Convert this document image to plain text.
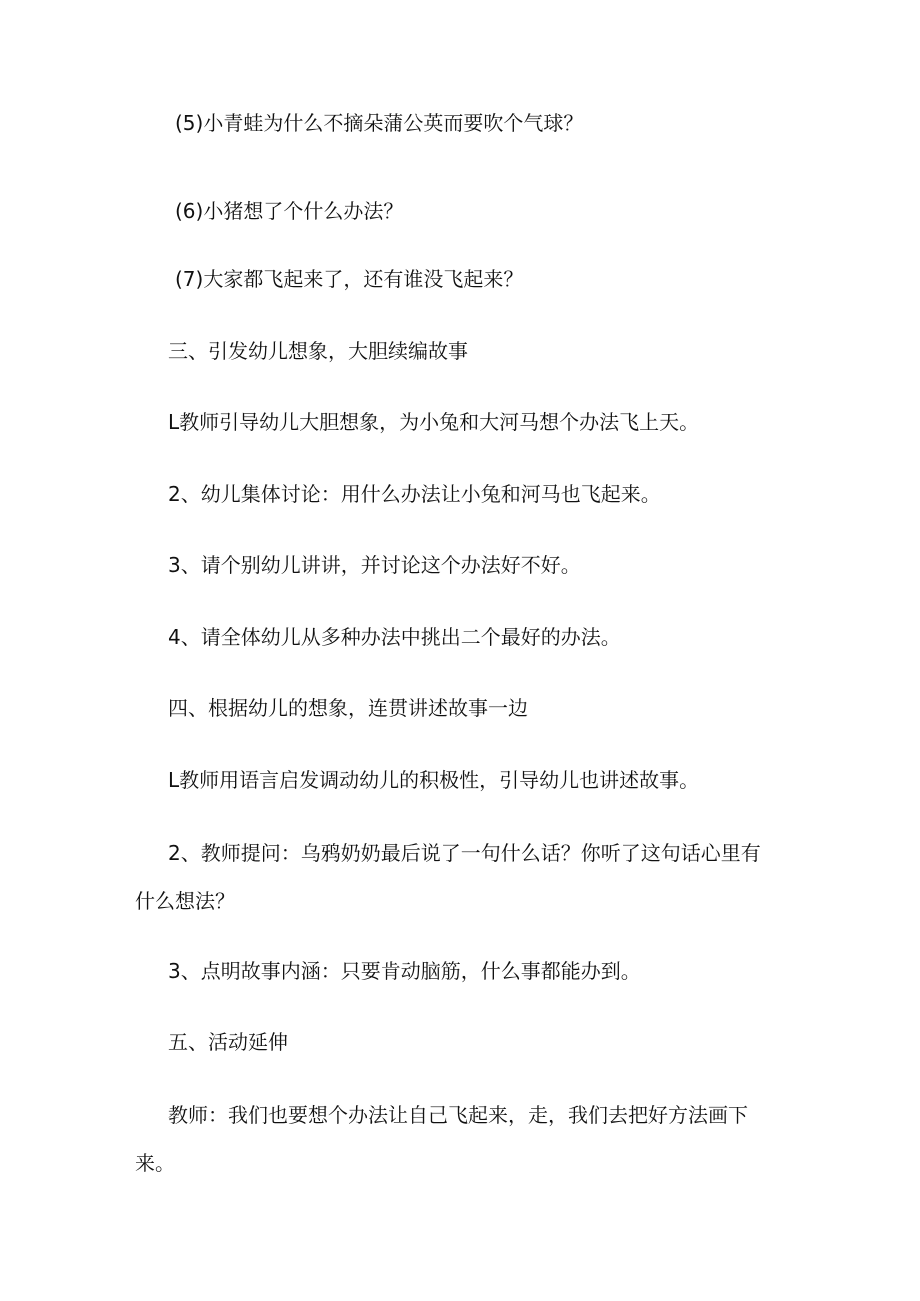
(5)小青蛙为什么不摘朵蒲公英而要吹个气球？
(6)小猪想了个什么办法？
(7)大家都飞起来了，还有谁没飞起来？
三、引发幼儿想象，大胆续编故事
L教师引导幼儿大胆想象，为小兔和大河马想个办法飞上天。
2、幼儿集体讨论：用什么办法让小兔和河马也飞起来。
3、请个别幼儿讲讲，并讨论这个办法好不好。
4、请全体幼儿从多种办法中挑出二个最好的办法。
四、根据幼儿的想象，连贯讲述故事一边
L教师用语言启发调动幼儿的积极性，引导幼儿也讲述故事。
2、教师提问：乌鸦奶奶最后说了一句什么话？你听了这句话心里有什么想法？
3、点明故事内涵：只要肯动脑筋，什么事都能办到。
五、活动延伸
教师：我们也要想个办法让自己飞起来，走，我们去把好方法画下来。
